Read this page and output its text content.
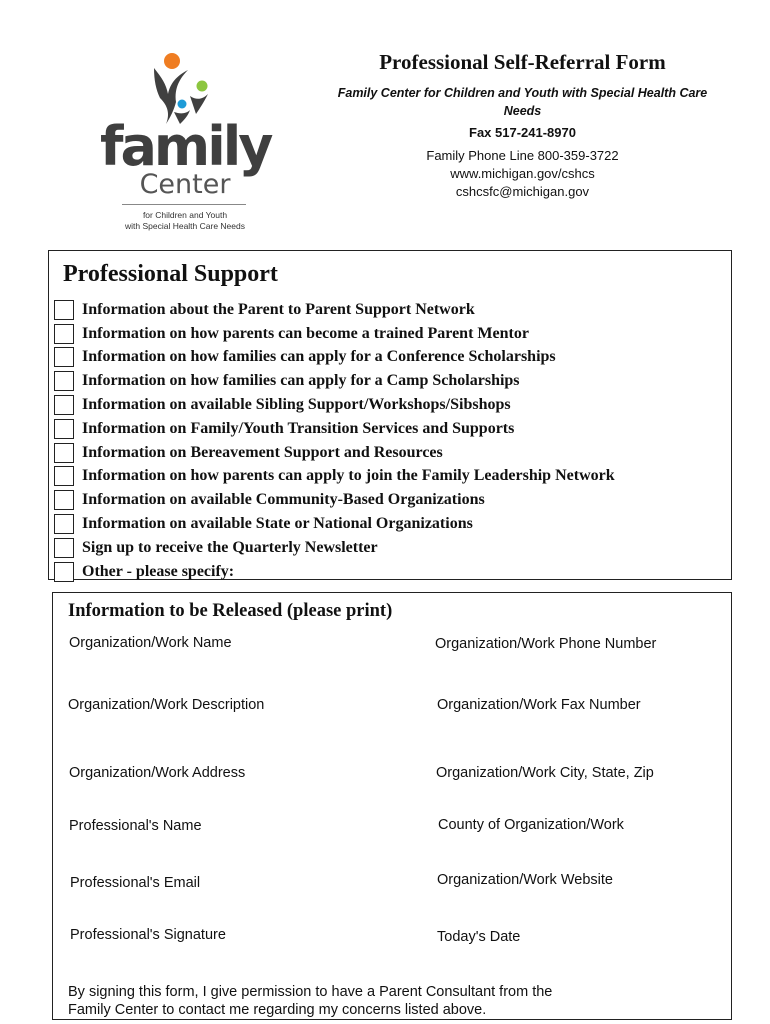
family
Center
for Children and Youth
with Special Health Care Needs
Professional Self-Referral Form
Family Center for Children and Youth with Special Health Care Needs
Fax 517-241-8970
Family Phone Line 800-359-3722
www.michigan.gov/cshcs
cshcsfc@michigan.gov
Professional Support
Information about the Parent to Parent Support Network
Information on how parents can become a trained Parent Mentor
Information on how families can apply for a Conference Scholarships
Information on how families can apply for a Camp Scholarships
Information on available Sibling Support/Workshops/Sibshops
Information on Family/Youth Transition Services and Supports
Information on Bereavement Support and Resources
Information on how parents can apply to join the Family Leadership Network
Information on available Community-Based Organizations
Information on available State or National Organizations
Sign up to receive the Quarterly Newsletter
Other - please specify:
Information to be Released (please print)
Organization/Work Name	Organization/Work Phone Number
Organization/Work Description	Organization/Work Fax Number
Organization/Work Address	Organization/Work City, State, Zip
Professional's Name	County of Organization/Work
Professional's Email	Organization/Work Website
Professional's Signature	Today's Date
By signing this form, I give permission to have a Parent Consultant from the
Family Center to contact me regarding my concerns listed above.
